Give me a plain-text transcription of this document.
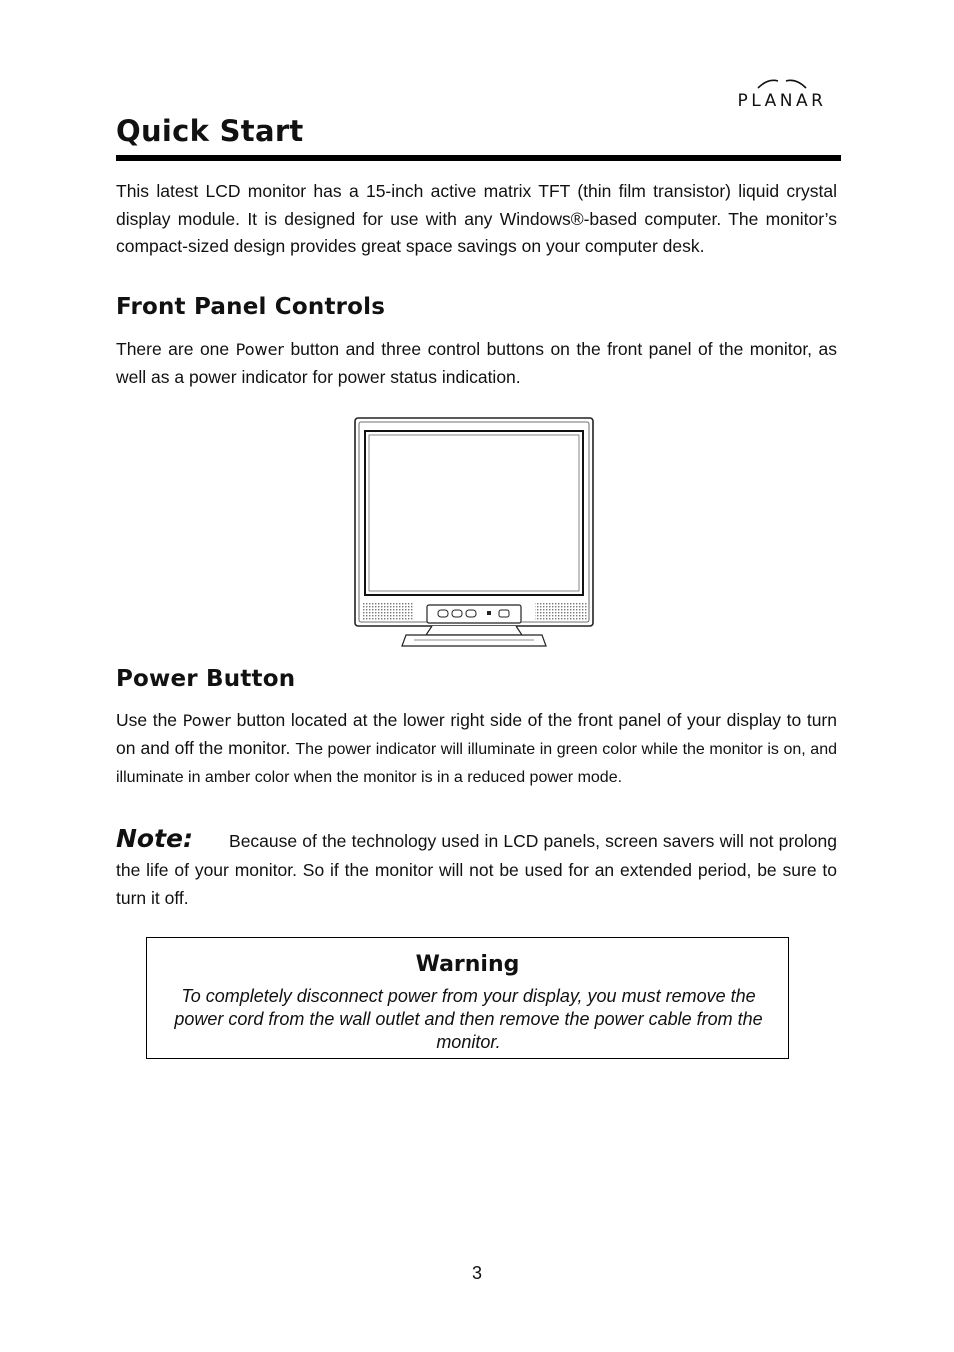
PLANAR
Quick Start

This latest LCD monitor has a 15-inch active matrix TFT (thin film transistor) liquid crystal display module. It is designed for use with any Windows®-based computer. The monitor’s compact-sized design provides great space savings on your computer desk.

Front Panel Controls

There are one Power button and three control buttons on the front panel of the monitor, as well as a power indicator for power status indication.

Power Button

Use the Power button located at the lower right side of the front panel of your display to turn on and off the monitor. The power indicator will illuminate in green color while the monitor is on, and illuminate in amber color when the monitor is in a reduced power mode.

Note: Because of the technology used in LCD panels, screen savers will not prolong the life of your monitor. So if the monitor will not be used for an extended period, be sure to turn it off.

Warning
To completely disconnect power from your display, you must remove the power cord from the wall outlet and then remove the power cable from the monitor.
3
